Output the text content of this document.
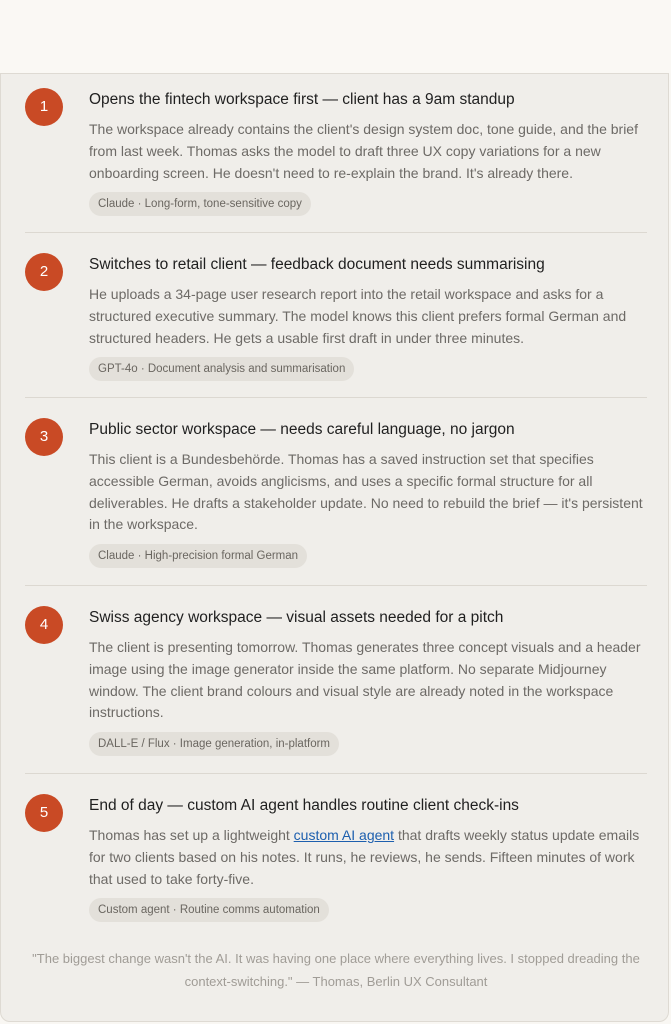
1	Opens the fintech workspace first — client has a 9am standup
The workspace already contains the client's design system doc, tone guide, and the brief from last week. Thomas asks the model to draft three UX copy variations for a new onboarding screen. He doesn't need to re-explain the brand. It's already there.
Claude · Long-form, tone-sensitive copy
2	Switches to retail client — feedback document needs summarising
He uploads a 34-page user research report into the retail workspace and asks for a structured executive summary. The model knows this client prefers formal German and structured headers. He gets a usable first draft in under three minutes.
GPT-4o · Document analysis and summarisation
3	Public sector workspace — needs careful language, no jargon
This client is a Bundesbehörde. Thomas has a saved instruction set that specifies accessible German, avoids anglicisms, and uses a specific formal structure for all deliverables. He drafts a stakeholder update. No need to rebuild the brief — it's persistent in the workspace.
Claude · High-precision formal German
4	Swiss agency workspace — visual assets needed for a pitch
The client is presenting tomorrow. Thomas generates three concept visuals and a header image using the image generator inside the same platform. No separate Midjourney window. The client brand colours and visual style are already noted in the workspace instructions.
DALL-E / Flux · Image generation, in-platform
5	End of day — custom AI agent handles routine client check-ins
Thomas has set up a lightweight custom AI agent that drafts weekly status update emails for two clients based on his notes. It runs, he reviews, he sends. Fifteen minutes of work that used to take forty-five.
Custom agent · Routine comms automation
"The biggest change wasn't the AI. It was having one place where everything lives. I stopped dreading the context-switching." — Thomas, Berlin UX Consultant
